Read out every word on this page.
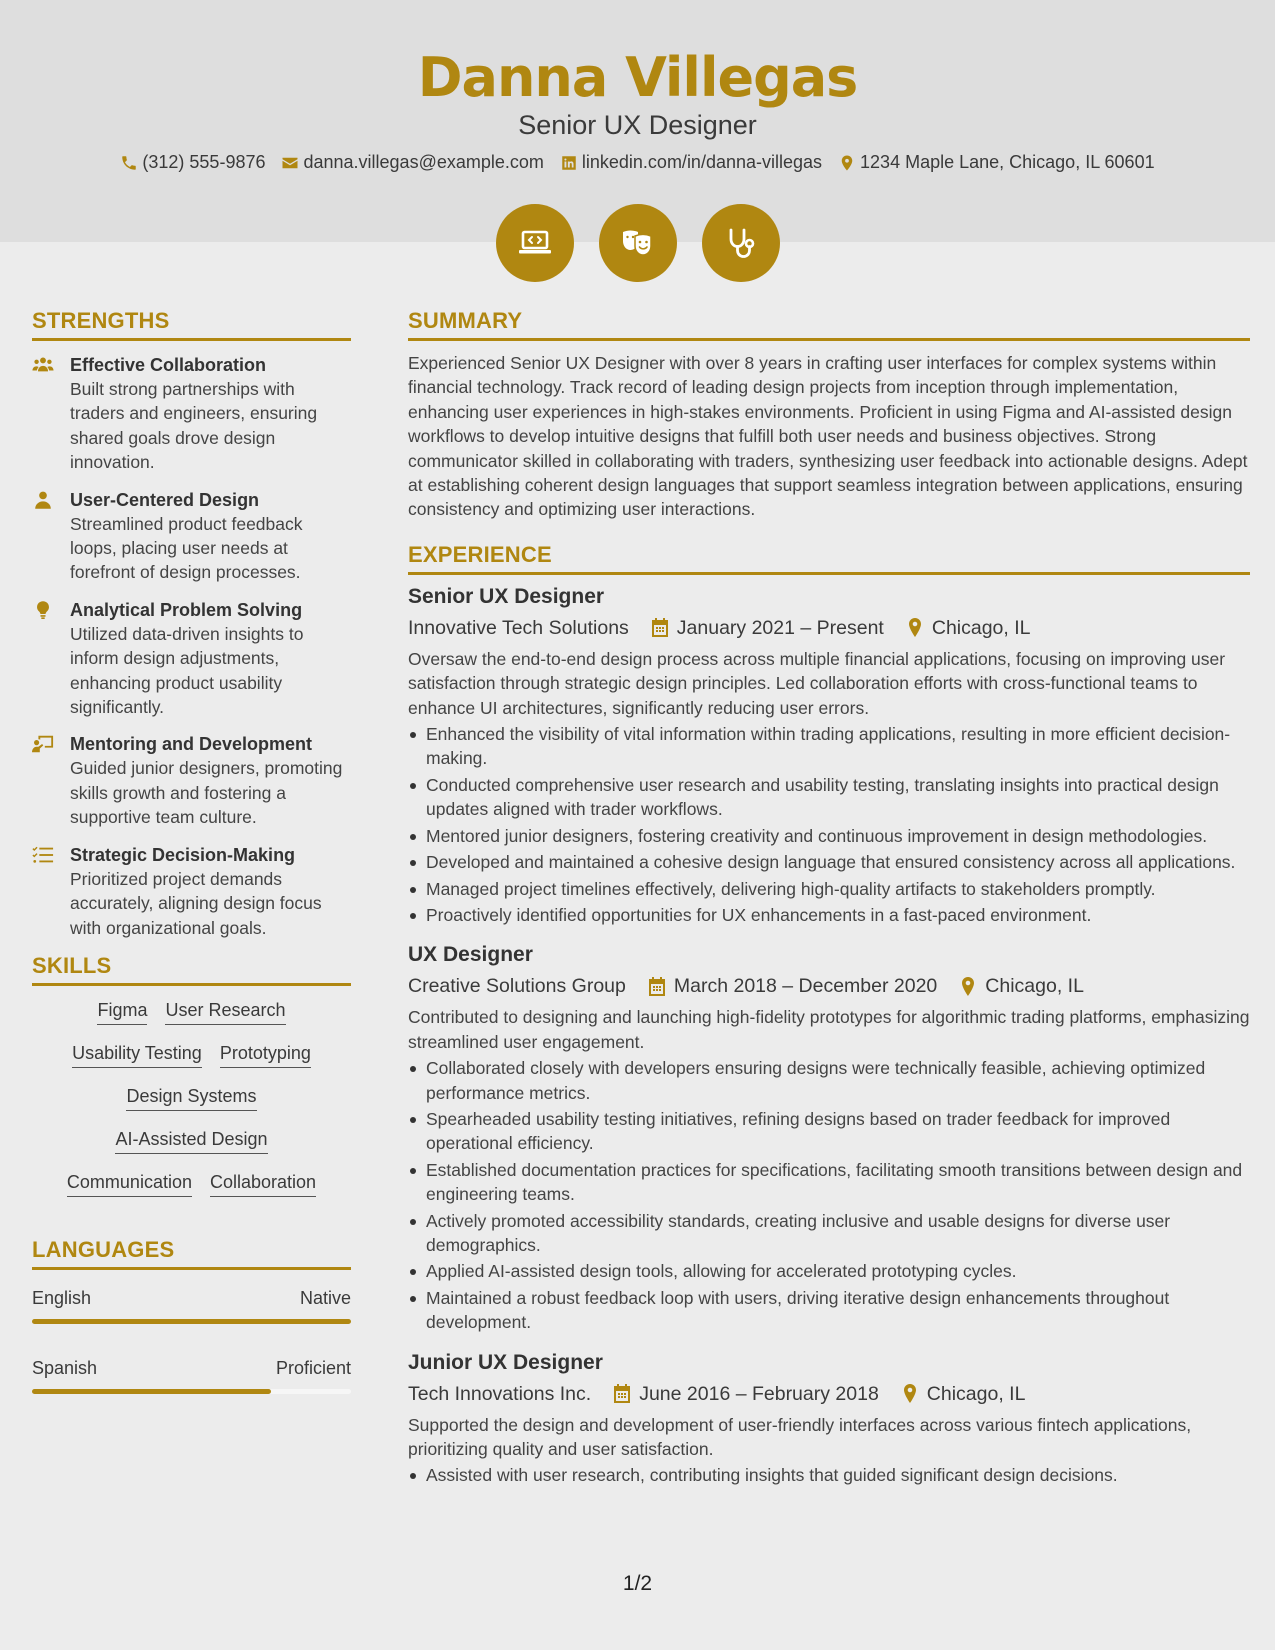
Danna Villegas
Senior UX Designer
(312) 555-9876 danna.villegas@example.com linkedin.com/in/danna-villegas 1234 Maple Lane, Chicago, IL 60601
STRENGTHS
Effective Collaboration
Built strong partnerships with traders and engineers, ensuring shared goals drove design innovation.
User-Centered Design
Streamlined product feedback loops, placing user needs at forefront of design processes.
Analytical Problem Solving
Utilized data-driven insights to inform design adjustments, enhancing product usability significantly.
Mentoring and Development
Guided junior designers, promoting skills growth and fostering a supportive team culture.
Strategic Decision-Making
Prioritized project demands accurately, aligning design focus with organizational goals.
SKILLS
Figma User Research
Usability Testing Prototyping
Design Systems
AI-Assisted Design
Communication Collaboration
LANGUAGES
English	Native
Spanish	Proficient
SUMMARY
Experienced Senior UX Designer with over 8 years in crafting user interfaces for complex systems within financial technology. Track record of leading design projects from inception through implementation, enhancing user experiences in high-stakes environments. Proficient in using Figma and AI-assisted design workflows to develop intuitive designs that fulfill both user needs and business objectives. Strong communicator skilled in collaborating with traders, synthesizing user feedback into actionable designs. Adept at establishing coherent design languages that support seamless integration between applications, ensuring consistency and optimizing user interactions.
EXPERIENCE
Senior UX Designer
Innovative Tech Solutions January 2021 – Present Chicago, IL
Oversaw the end-to-end design process across multiple financial applications, focusing on improving user satisfaction through strategic design principles. Led collaboration efforts with cross-functional teams to enhance UI architectures, significantly reducing user errors.
Enhanced the visibility of vital information within trading applications, resulting in more efficient decision-making.
Conducted comprehensive user research and usability testing, translating insights into practical design updates aligned with trader workflows.
Mentored junior designers, fostering creativity and continuous improvement in design methodologies.
Developed and maintained a cohesive design language that ensured consistency across all applications.
Managed project timelines effectively, delivering high-quality artifacts to stakeholders promptly.
Proactively identified opportunities for UX enhancements in a fast-paced environment.
UX Designer
Creative Solutions Group March 2018 – December 2020 Chicago, IL
Contributed to designing and launching high-fidelity prototypes for algorithmic trading platforms, emphasizing streamlined user engagement.
Collaborated closely with developers ensuring designs were technically feasible, achieving optimized performance metrics.
Spearheaded usability testing initiatives, refining designs based on trader feedback for improved operational efficiency.
Established documentation practices for specifications, facilitating smooth transitions between design and engineering teams.
Actively promoted accessibility standards, creating inclusive and usable designs for diverse user demographics.
Applied AI-assisted design tools, allowing for accelerated prototyping cycles.
Maintained a robust feedback loop with users, driving iterative design enhancements throughout development.
Junior UX Designer
Tech Innovations Inc. June 2016 – February 2018 Chicago, IL
Supported the design and development of user-friendly interfaces across various fintech applications, prioritizing quality and user satisfaction.
Assisted with user research, contributing insights that guided significant design decisions.
1/2
